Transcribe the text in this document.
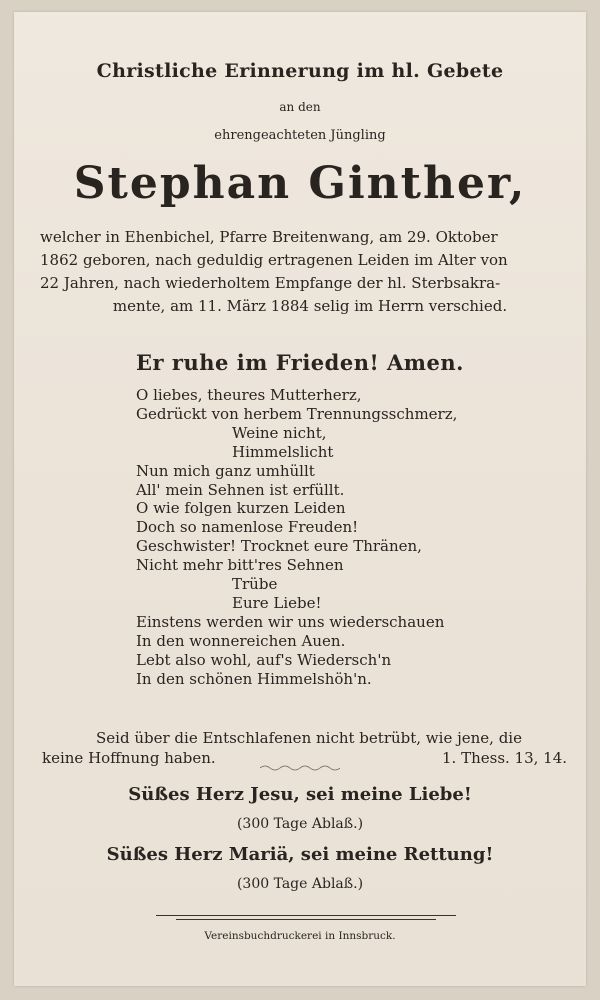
Christliche Erinnerung im hl. Gebete

an den

ehrengeachteten Jüngling

Stephan Ginther,

welcher in Ehenbichel, Pfarre Breitenwang, am 29. Oktober
1862 geboren, nach geduldig ertragenen Leiden im Alter von
22 Jahren, nach wiederholtem Empfange der hl. Sterbsakra-
mente, am 11. März 1884 selig im Herrn verschied.

Er ruhe im Frieden! Amen.

O liebes, theures Mutterherz,
Gedrückt von herbem Trennungsschmerz,
Weine nicht,
Himmelslicht
Nun mich ganz umhüllt
All' mein Sehnen ist erfüllt.
O wie folgen kurzen Leiden
Doch so namenlose Freuden!
Geschwister! Trocknet eure Thränen,
Nicht mehr bitt'res Sehnen
Trübe
Eure Liebe!
Einstens werden wir uns wiederschauen
In den wonnereichen Auen.
Lebt also wohl, auf's Wiedersch'n
In den schönen Himmelshöh'n.
Seid über die Entschlafenen nicht betrübt, wie jene, die
keine Hoffnung haben.	1. Thess. 13, 14.

Süßes Herz Jesu, sei meine Liebe!

(300 Tage Ablaß.)

Süßes Herz Mariä, sei meine Rettung!

(300 Tage Ablaß.)

Vereinsbuchdruckerei in Innsbruck.
